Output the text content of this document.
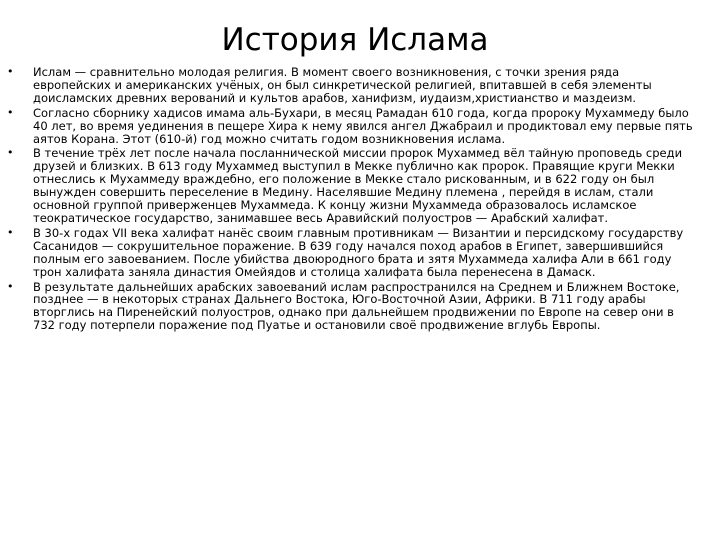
История Ислама
•	Ислам — сравнительно молодая религия. В момент своего возникновения, с точки зрения ряда европейских и американских учёных, он был синкретической религией, впитавшей в себя элементы доисламских древних верований и культов арабов, ханифизм, иудаизм,христианство и маздеизм.
•	Согласно сборнику хадисов имама аль-Бухари, в месяц Рамадан 610 года, когда пророку Мухаммеду было 40 лет, во время уединения в пещере Хира к нему явился ангел Джабраил и продиктовал ему первые пять аятов Корана. Этот (610-й) год можно считать годом возникновения ислама.
•	В течение трёх лет после начала посланнической миссии пророк Мухаммед вёл тайную проповедь среди друзей и близких. В 613 году Мухаммед выступил в Мекке публично как пророк. Правящие круги Мекки отнеслись к Мухаммеду враждебно, его положение в Мекке стало рискованным, и в 622 году он был вынужден совершить переселение в Медину. Населявшие Медину племена , перейдя в ислам, стали основной группой приверженцев Мухаммеда. К концу жизни Мухаммеда образовалось исламское теократическое государство, занимавшее весь Аравийский полуостров — Арабский халифат.
•	В 30-х годах VII века халифат нанёс своим главным противникам — Византии и персидскому государству Сасанидов — сокрушительное поражение. В 639 году начался поход арабов в Египет, завершившийся полным его завоеванием. После убийства двоюродного брата и зятя Мухаммеда халифа Али в 661 году трон халифата заняла династия Омейядов и столица халифата была перенесена в Дамаск.
•	В результате дальнейших арабских завоеваний ислам распространился на Среднем и Ближнем Востоке, позднее — в некоторых странах Дальнего Востока, Юго-Восточной Азии, Африки. В 711 году арабы вторглись на Пиренейский полуостров, однако при дальнейшем продвижении по Европе на север они в 732 году потерпели поражение под Пуатье и остановили своё продвижение вглубь Европы.
